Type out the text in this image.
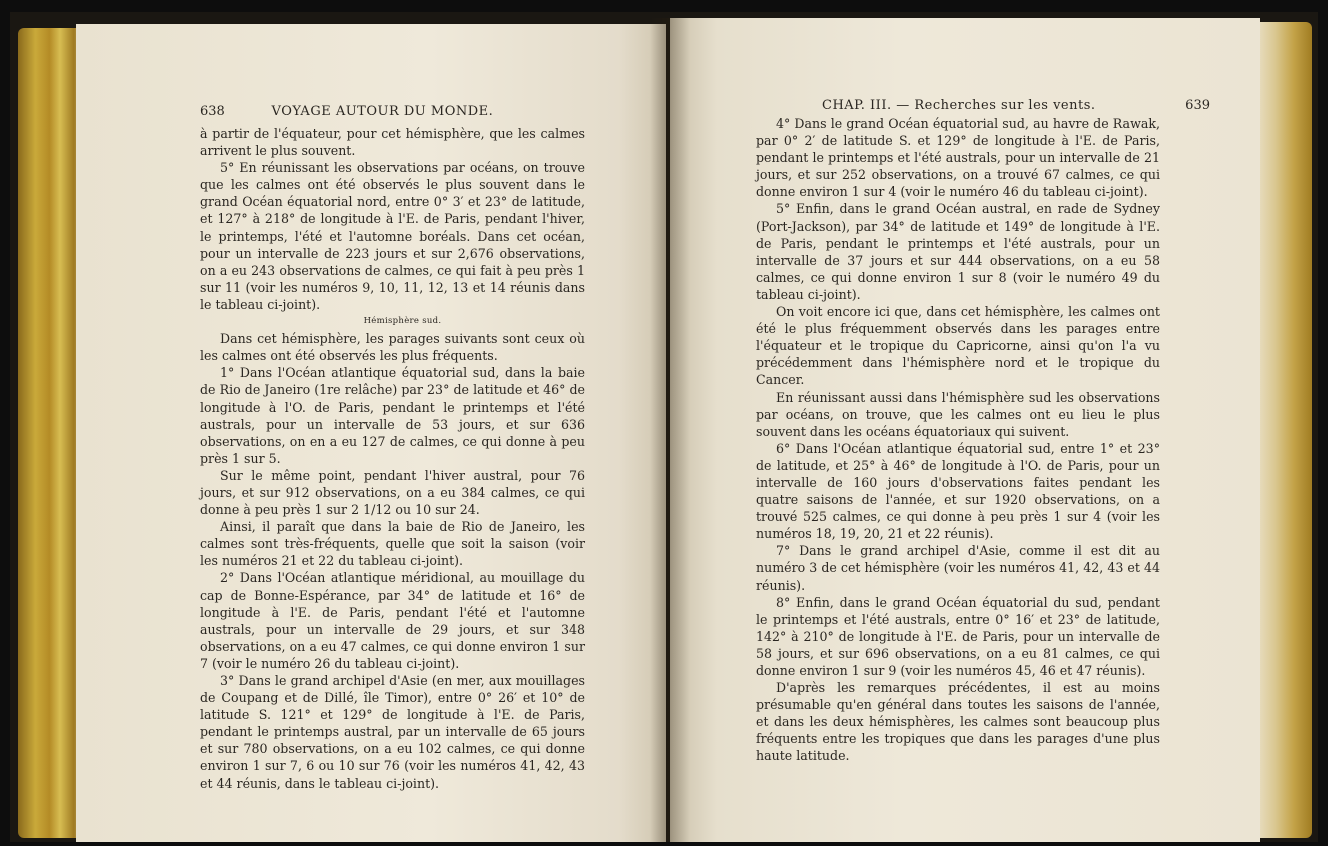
638	VOYAGE AUTOUR DU MONDE.

à partir de l'équateur, pour cet hémisphère, que les calmes arrivent le plus souvent.

5° En réunissant les observations par océans, on trouve que les calmes ont été observés le plus souvent dans le grand Océan équatorial nord, entre 0° 3′ et 23° de latitude, et 127° à 218° de longitude à l'E. de Paris, pendant l'hiver, le printemps, l'été et l'automne boréals. Dans cet océan, pour un intervalle de 223 jours et sur 2,676 observations, on a eu 243 observations de calmes, ce qui fait à peu près 1 sur 11 (voir les numéros 9, 10, 11, 12, 13 et 14 réunis dans le tableau ci-joint).

Hémisphère sud.

Dans cet hémisphère, les parages suivants sont ceux où les calmes ont été observés les plus fréquents.

1° Dans l'Océan atlantique équatorial sud, dans la baie de Rio de Janeiro (1re relâche) par 23° de latitude et 46° de longitude à l'O. de Paris, pendant le printemps et l'été australs, pour un intervalle de 53 jours, et sur 636 observations, on en a eu 127 de calmes, ce qui donne à peu près 1 sur 5.

Sur le même point, pendant l'hiver austral, pour 76 jours, et sur 912 observations, on a eu 384 calmes, ce qui donne à peu près 1 sur 2 1/12 ou 10 sur 24.

Ainsi, il paraît que dans la baie de Rio de Janeiro, les calmes sont très-fréquents, quelle que soit la saison (voir les numéros 21 et 22 du tableau ci-joint).

2° Dans l'Océan atlantique méridional, au mouillage du cap de Bonne-Espérance, par 34° de latitude et 16° de longitude à l'E. de Paris, pendant l'été et l'automne australs, pour un intervalle de 29 jours, et sur 348 observations, on a eu 47 calmes, ce qui donne environ 1 sur 7 (voir le numéro 26 du tableau ci-joint).

3° Dans le grand archipel d'Asie (en mer, aux mouillages de Coupang et de Dillé, île Timor), entre 0° 26′ et 10° de latitude S. 121° et 129° de longitude à l'E. de Paris, pendant le printemps austral, par un intervalle de 65 jours et sur 780 observations, on a eu 102 calmes, ce qui donne environ 1 sur 7, 6 ou 10 sur 76 (voir les numéros 41, 42, 43 et 44 réunis, dans le tableau ci-joint).

CHAP. III. — Recherches sur les vents.	639

4° Dans le grand Océan équatorial sud, au havre de Rawak, par 0° 2′ de latitude S. et 129° de longitude à l'E. de Paris, pendant le printemps et l'été australs, pour un intervalle de 21 jours, et sur 252 observations, on a trouvé 67 calmes, ce qui donne environ 1 sur 4 (voir le numéro 46 du tableau ci-joint).

5° Enfin, dans le grand Océan austral, en rade de Sydney (Port-Jackson), par 34° de latitude et 149° de longitude à l'E. de Paris, pendant le printemps et l'été australs, pour un intervalle de 37 jours et sur 444 observations, on a eu 58 calmes, ce qui donne environ 1 sur 8 (voir le numéro 49 du tableau ci-joint).

On voit encore ici que, dans cet hémisphère, les calmes ont été le plus fréquemment observés dans les parages entre l'équateur et le tropique du Capricorne, ainsi qu'on l'a vu précédemment dans l'hémisphère nord et le tropique du Cancer.

En réunissant aussi dans l'hémisphère sud les observations par océans, on trouve, que les calmes ont eu lieu le plus souvent dans les océans équatoriaux qui suivent.

6° Dans l'Océan atlantique équatorial sud, entre 1° et 23° de latitude, et 25° à 46° de longitude à l'O. de Paris, pour un intervalle de 160 jours d'observations faites pendant les quatre saisons de l'année, et sur 1920 observations, on a trouvé 525 calmes, ce qui donne à peu près 1 sur 4 (voir les numéros 18, 19, 20, 21 et 22 réunis).

7° Dans le grand archipel d'Asie, comme il est dit au numéro 3 de cet hémisphère (voir les numéros 41, 42, 43 et 44 réunis).

8° Enfin, dans le grand Océan équatorial du sud, pendant le printemps et l'été australs, entre 0° 16′ et 23° de latitude, 142° à 210° de longitude à l'E. de Paris, pour un intervalle de 58 jours, et sur 696 observations, on a eu 81 calmes, ce qui donne environ 1 sur 9 (voir les numéros 45, 46 et 47 réunis).

D'après les remarques précédentes, il est au moins présumable qu'en général dans toutes les saisons de l'année, et dans les deux hémisphères, les calmes sont beaucoup plus fréquents entre les tropiques que dans les parages d'une plus haute latitude.
